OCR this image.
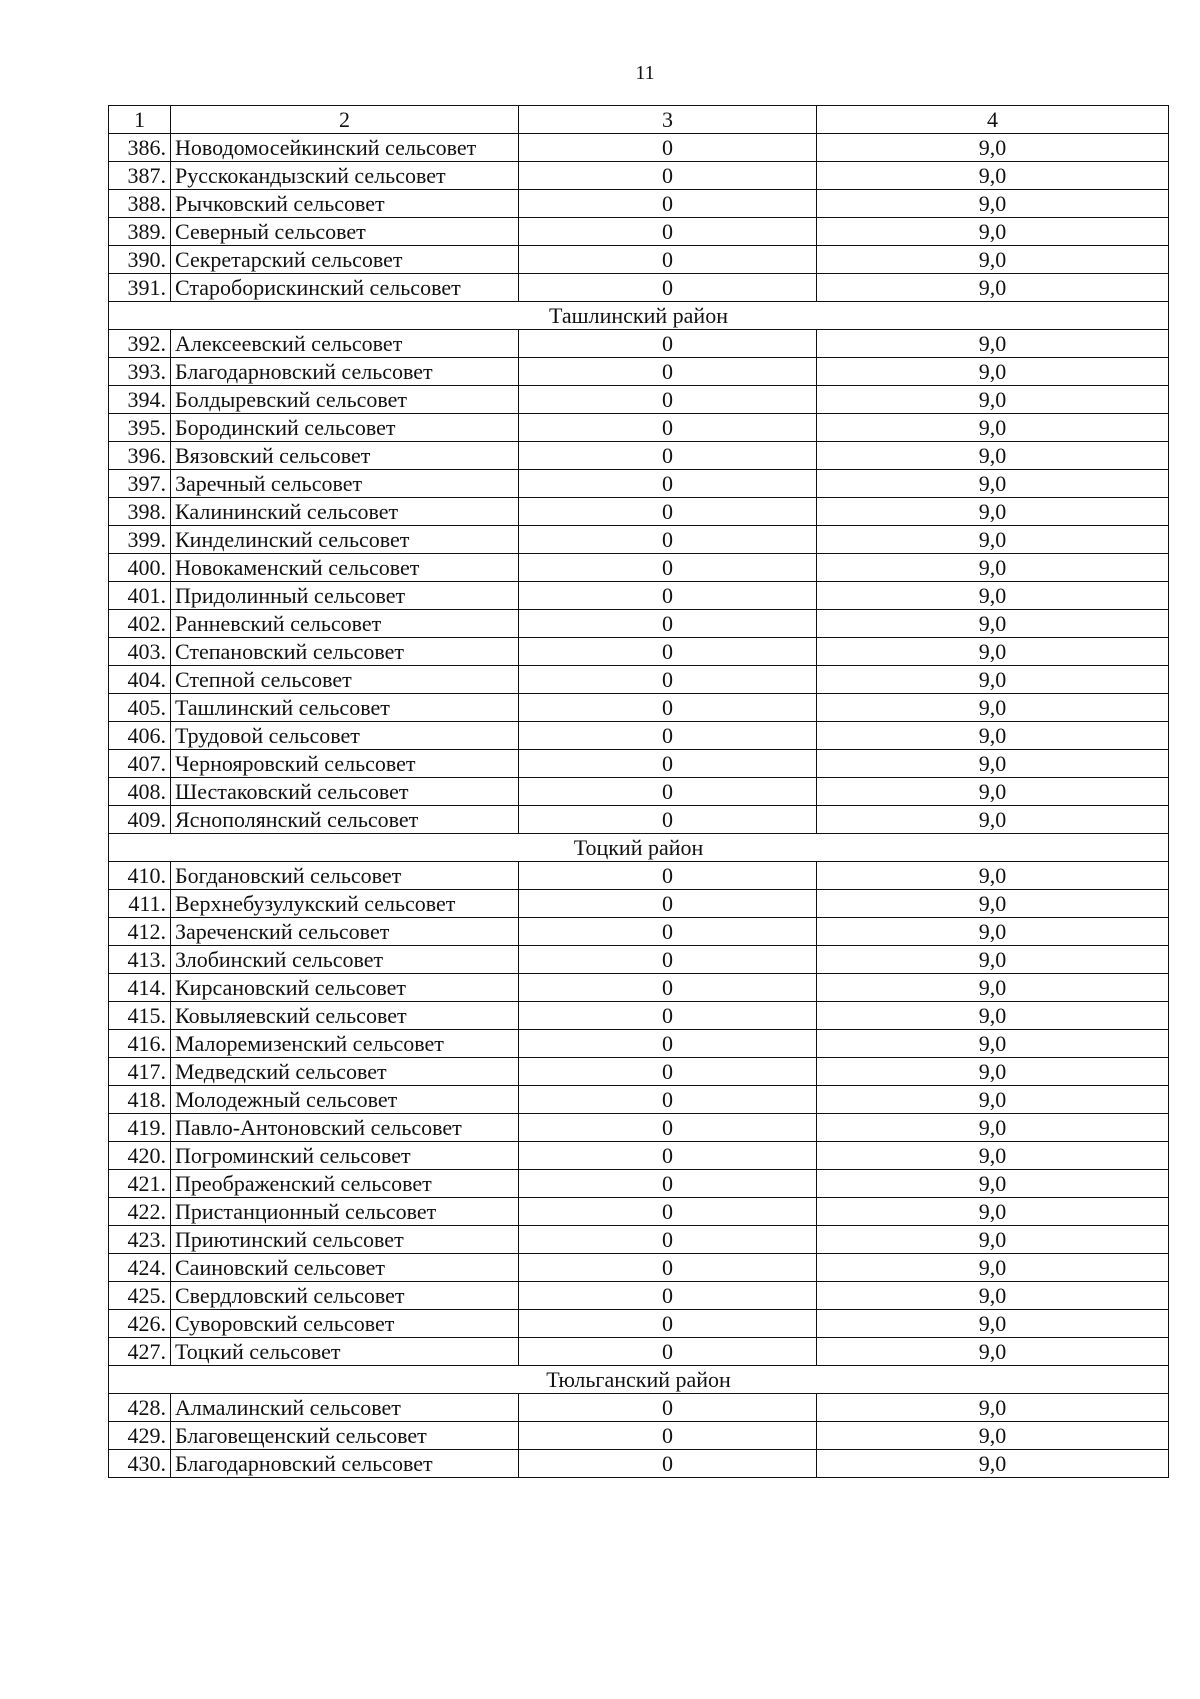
11
1	2	3	4
386.	Новодомосейкинский сельсовет	0	9,0
387.	Русскокандызский сельсовет	0	9,0
388.	Рычковский сельсовет	0	9,0
389.	Северный сельсовет	0	9,0
390.	Секретарский сельсовет	0	9,0
391.	Староборискинский сельсовет	0	9,0
Ташлинский район			
392.	Алексеевский сельсовет	0	9,0
393.	Благодарновский сельсовет	0	9,0
394.	Болдыревский сельсовет	0	9,0
395.	Бородинский сельсовет	0	9,0
396.	Вязовский сельсовет	0	9,0
397.	Заречный сельсовет	0	9,0
398.	Калининский сельсовет	0	9,0
399.	Кинделинский сельсовет	0	9,0
400.	Новокаменский сельсовет	0	9,0
401.	Придолинный сельсовет	0	9,0
402.	Ранневский сельсовет	0	9,0
403.	Степановский сельсовет	0	9,0
404.	Степной сельсовет	0	9,0
405.	Ташлинский сельсовет	0	9,0
406.	Трудовой сельсовет	0	9,0
407.	Чернояровский сельсовет	0	9,0
408.	Шестаковский сельсовет	0	9,0
409.	Яснополянский сельсовет	0	9,0
Тоцкий район			
410.	Богдановский сельсовет	0	9,0
411.	Верхнебузулукский сельсовет	0	9,0
412.	Зареченский сельсовет	0	9,0
413.	Злобинский сельсовет	0	9,0
414.	Кирсановский сельсовет	0	9,0
415.	Ковыляевский сельсовет	0	9,0
416.	Малоремизенский сельсовет	0	9,0
417.	Медведский сельсовет	0	9,0
418.	Молодежный сельсовет	0	9,0
419.	Павло-Антоновский сельсовет	0	9,0
420.	Погроминский сельсовет	0	9,0
421.	Преображенский сельсовет	0	9,0
422.	Пристанционный сельсовет	0	9,0
423.	Приютинский сельсовет	0	9,0
424.	Саиновский сельсовет	0	9,0
425.	Свердловский сельсовет	0	9,0
426.	Суворовский сельсовет	0	9,0
427.	Тоцкий сельсовет	0	9,0
Тюльганский район			
428.	Алмалинский сельсовет	0	9,0
429.	Благовещенский сельсовет	0	9,0
430.	Благодарновский сельсовет	0	9,0
